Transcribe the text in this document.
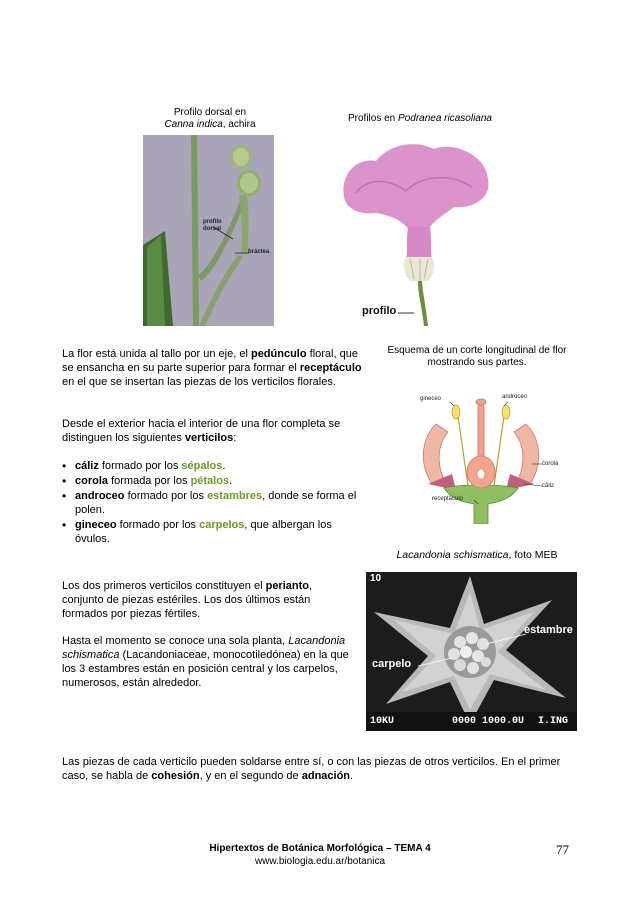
Profilo dorsal en
Canna indica, achira
Profilos en Podranea ricasoliana
profilo
dorsal
bráctea
profilo
La flor está unida al tallo por un eje, el pedúnculo floral, que se ensancha en su parte superior para formar el receptáculo en el que se insertan las piezas de los verticilos florales.
Desde el exterior hacia el interior de una flor completa se distinguen los siguientes verticilos:
• cáliz formado por los sépalos.
• corola formada por los pétalos.
• androceo formado por los estambres, donde se forma el polen.
• gineceo formado por los carpelos, que albergan los óvulos.
Esquema de un corte longitudinal de flor mostrando sus partes.
gineceo	androceo
corola
cáliz
receptáculo
Lacandonia schismatica, foto MEB
10
estambre
carpelo
10KU	0000 1000.0U I.ING
Los dos primeros verticilos constituyen el perianto, conjunto de piezas estériles. Los dos últimos están formados por piezas fértiles.
Hasta el momento se conoce una sola planta, Lacandonia schismatica (Lacandoniaceae, monocotiledónea) en la que los 3 estambres están en posición central y los carpelos, numerosos, están alrededor.
Las piezas de cada verticilo pueden soldarse entre sí, o con las piezas de otros verticilos. En el primer caso, se habla de cohesión, y en el segundo de adnación.
Hipertextos de Botánica Morfológica – TEMA 4
www.biologia.edu.ar/botanica
77
